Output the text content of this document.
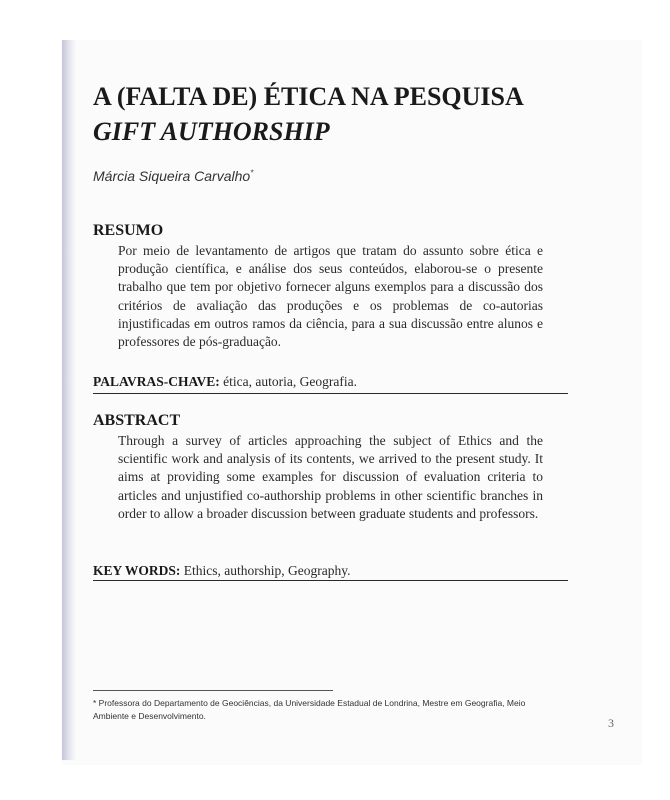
A (FALTA DE) ÉTICA NA PESQUISA
GIFT AUTHORSHIP
Márcia Siqueira Carvalho*
RESUMO

Por meio de levantamento de artigos que tratam do assunto sobre ética e produção científica, e análise dos seus conteúdos, elaborou-se o presente trabalho que tem por objetivo fornecer alguns exemplos para a discussão dos critérios de avaliação das produções e os problemas de co-autorias injustificadas em outros ramos da ciência, para a sua discussão entre alunos e professores de pós-graduação.

PALAVRAS-CHAVE: ética, autoria, Geografia.
ABSTRACT

Through a survey of articles approaching the subject of Ethics and the scientific work and analysis of its contents, we arrived to the present study. It aims at providing some examples for discussion of evaluation criteria to articles and unjustified co-authorship problems in other scientific branches in order to allow a broader discussion between graduate students and professors.

KEY WORDS: Ethics, authorship, Geography.
* Professora do Departamento de Geociências, da Universidade Estadual de Londrina, Mestre em Geografia, Meio Ambiente e Desenvolvimento.
3
